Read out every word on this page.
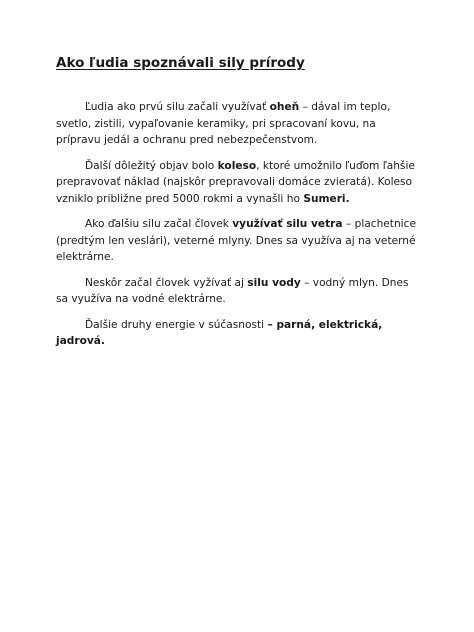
Ako ľudia spoznávali sily prírody

Ľudia ako prvú silu začali využívať oheň – dával im teplo, svetlo, zistili, vypaľovanie keramiky, pri spracovaní kovu, na prípravu jedál a ochranu pred nebezpečenstvom.

Ďalší dôležitý objav bolo koleso, ktoré umožnilo ľuďom ľahšie prepravovať náklad (najskôr prepravovali domáce zvieratá). Koleso vzniklo približne pred 5000 rokmi a vynašli ho Sumeri.

Ako ďalšiu silu začal človek využívať silu vetra – plachetnice (predtým len veslári), veterné mlyny. Dnes sa využíva aj na veterné elektrárne.

Neskôr začal človek vyžívať aj silu vody – vodný mlyn. Dnes sa využíva na vodné elektrárne.

Ďalšie druhy energie v súčasnosti – parná, elektrická, jadrová.
